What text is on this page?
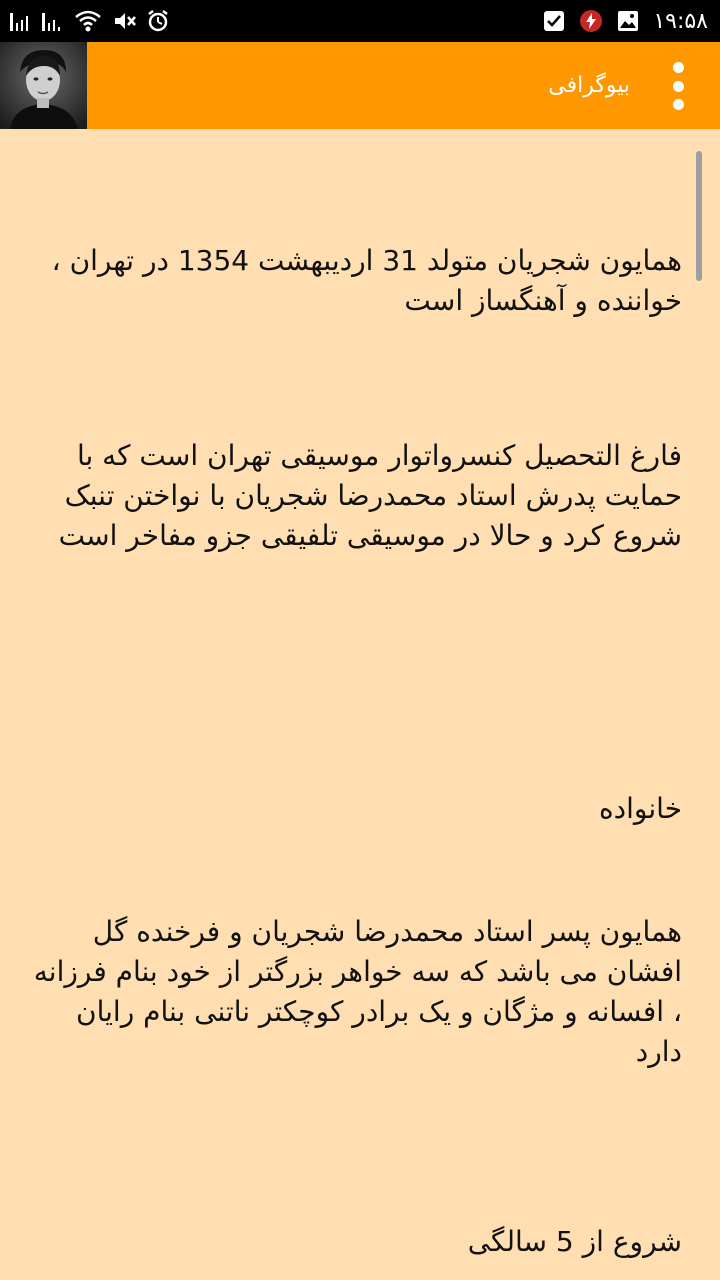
۱۹:۵۸
بیوگرافی

همایون شجریان متولد 31 اردیبهشت 1354 در تهران ، خواننده و آهنگساز است

فارغ التحصیل کنسرواتوار موسیقی تهران است که با حمایت پدرش استاد محمدرضا شجریان با نواختن تنبک شروع کرد و حالا در موسیقی تلفیقی جزو مفاخر است

خانواده

همایون پسر استاد محمدرضا شجریان و فرخنده گل افشان می باشد که سه خواهر بزرگتر از خود بنام فرزانه ، افسانه و مژگان و یک برادر کوچکتر ناتنی بنام رایان دارد

شروع از 5 سالگی
